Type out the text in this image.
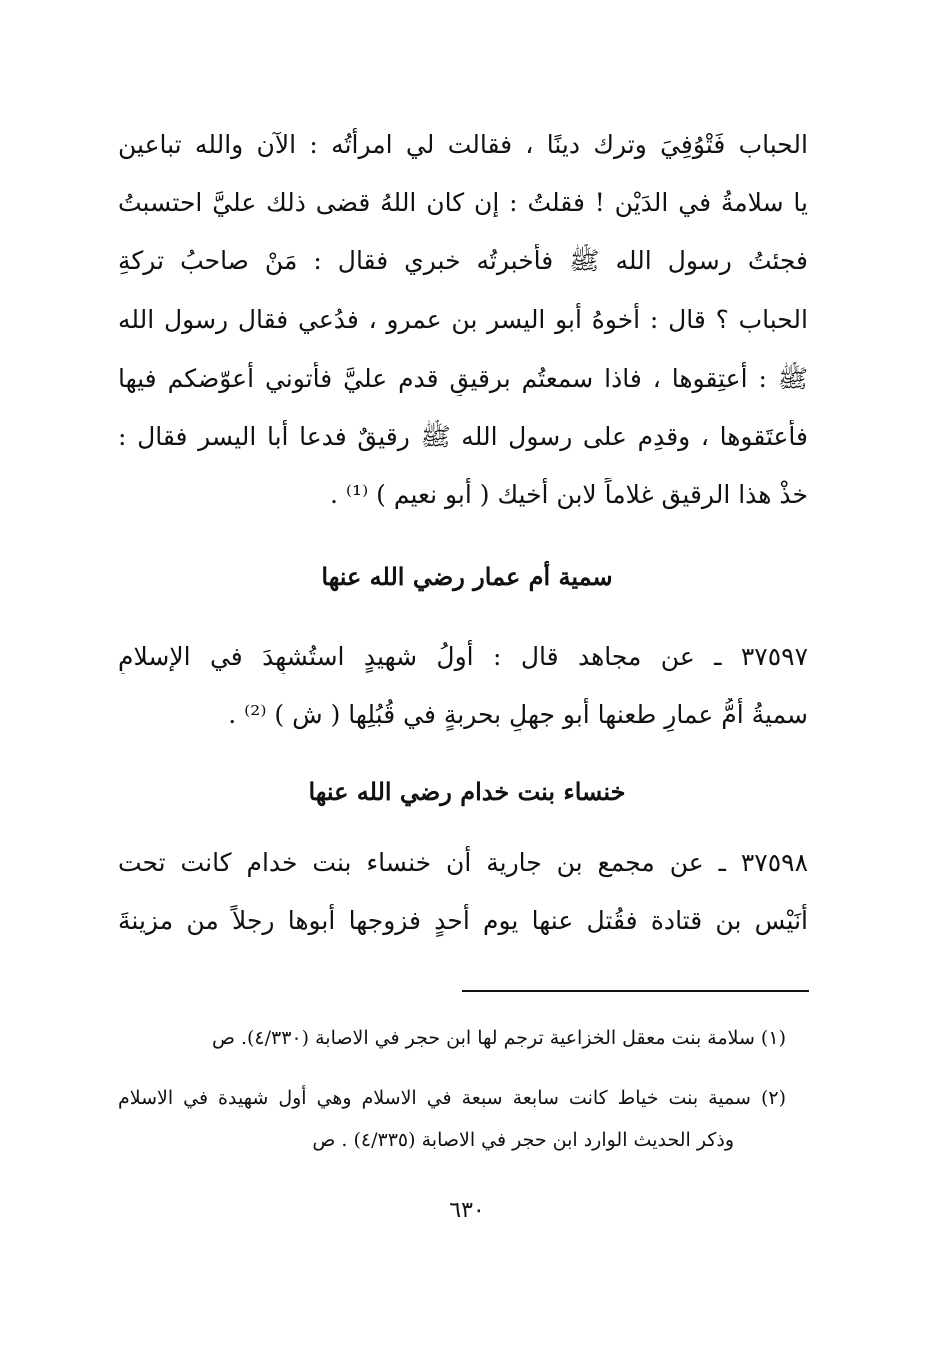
الحباب فَتْوُفِيَ وترك دينًا ، فقالت لي امرأتُه : الآن والله تباعين
يا سلامةُ في الدَيْن ! فقلتُ : إن كان اللهُ قضى ذلك عليَّ احتسبتُ
فجئتُ رسول الله ﷺ فأخبرتُه خبري فقال : مَنْ صاحبُ تركةِ
الحباب ؟ قال : أخوهُ أبو اليسر بن عمرو ، فدُعي فقال رسول الله
ﷺ : أعتِقوها ، فاذا سمعتُم برقيقٍ قدم عليَّ فأتوني أعوّضكم فيها
فأعتَقوها ، وقدِم على رسول الله ﷺ رقيقٌ فدعا أبا اليسر فقال :
خذْ هذا الرقيق غلاماً لابن أخيك ( أبو نعيم ) ⁽¹⁾ .
سمية أم عمار رضي الله عنها
٣٧٥٩٧ ـ عن مجاهد قال : أولُ شهيدٍ استُشهِدَ في الإسلامِ
سميةُ أمُّ عمارٍ طعنها أبو جهلٍ بحربةٍ في قُبُلِها ( ش ) ⁽²⁾ .
خنساء بنت خدام رضي الله عنها
٣٧٥٩٨ ـ عن مجمع بن جارية أن خنساء بنت خدام كانت تحت
أُنَيْس بن قتادة فقُتل عنها يوم أحدٍ فزوجها أبوها رجلاً من مزينةَ
(١) سلامة بنت معقل الخزاعية ترجم لها ابن حجر في الاصابة (٤/٣٣٠). ص
(٢) سمية بنت خياط كانت سابعة سبعة في الاسلام وهي أول شهيدة في الاسلام
وذكر الحديث الوارد ابن حجر في الاصابة (٤/٣٣٥) . ص
٦٣٠
